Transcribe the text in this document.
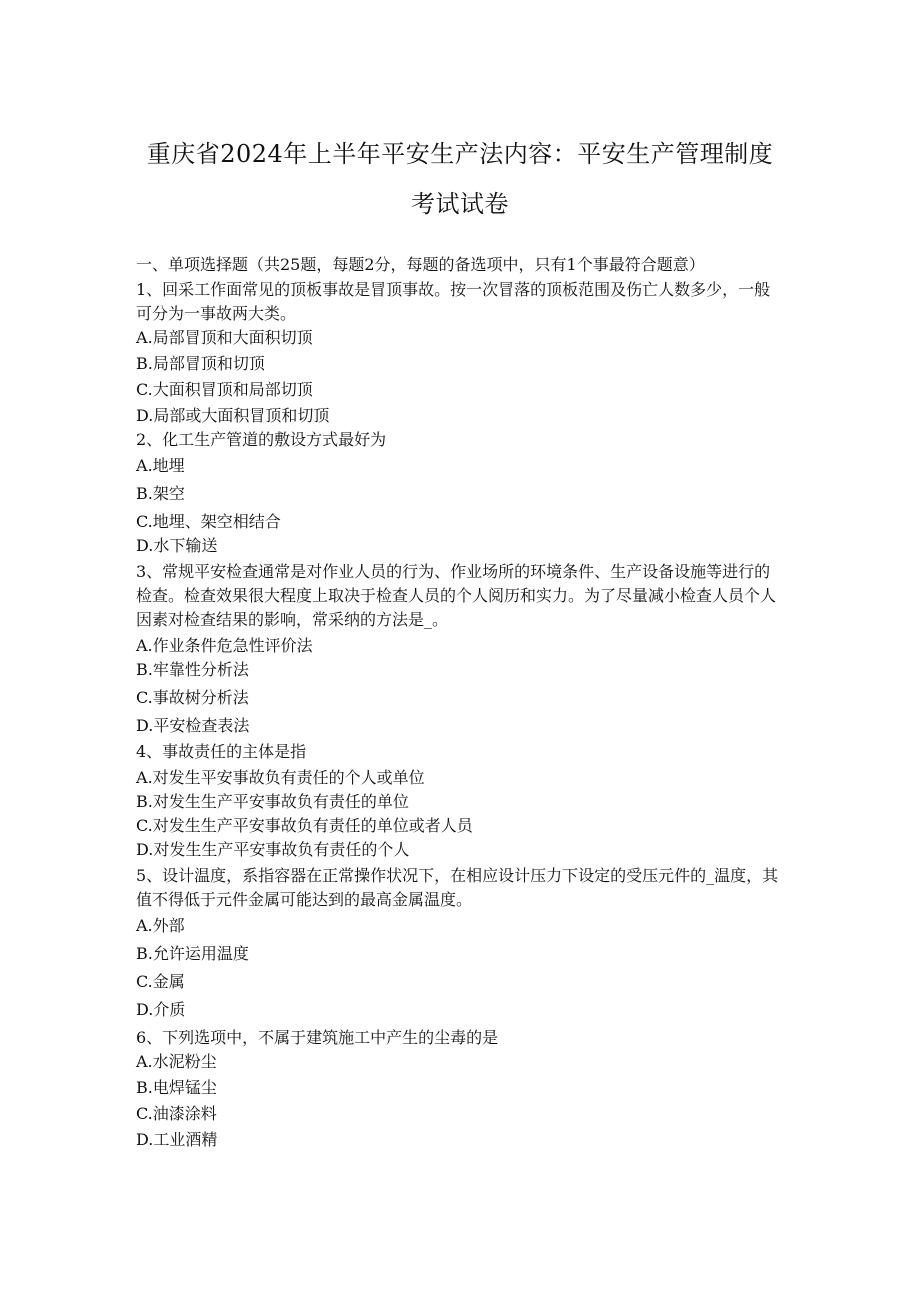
重庆省2024年上半年平安生产法内容：平安生产管理制度
考试试卷

一、单项选择题（共25题，每题2分，每题的备选项中，只有1个事最符合题意）

1、回采工作面常见的顶板事故是冒顶事故。按一次冒落的顶板范围及伤亡人数多少，一般可分为一事故两大类。

A.局部冒顶和大面积切顶

B.局部冒顶和切顶

C.大面积冒顶和局部切顶

D.局部或大面积冒顶和切顶

2、化工生产管道的敷设方式最好为

A.地埋

B.架空

C.地埋、架空相结合

D.水下输送

3、常规平安检查通常是对作业人员的行为、作业场所的环境条件、生产设备设施等进行的检查。检查效果很大程度上取决于检查人员的个人阅历和实力。为了尽量减小检查人员个人因素对检查结果的影响，常采纳的方法是_。

A.作业条件危急性评价法

B.牢靠性分析法

C.事故树分析法

D.平安检查表法

4、事故责任的主体是指

A.对发生平安事故负有责任的个人或单位

B.对发生生产平安事故负有责任的单位

C.对发生生产平安事故负有责任的单位或者人员

D.对发生生产平安事故负有责任的个人

5、设计温度，系指容器在正常操作状况下，在相应设计压力下设定的受压元件的_温度，其值不得低于元件金属可能达到的最高金属温度。

A.外部

B.允许运用温度

C.金属

D.介质

6、下列选项中，不属于建筑施工中产生的尘毒的是

A.水泥粉尘

B.电焊锰尘

C.油漆涂料

D.工业酒精
